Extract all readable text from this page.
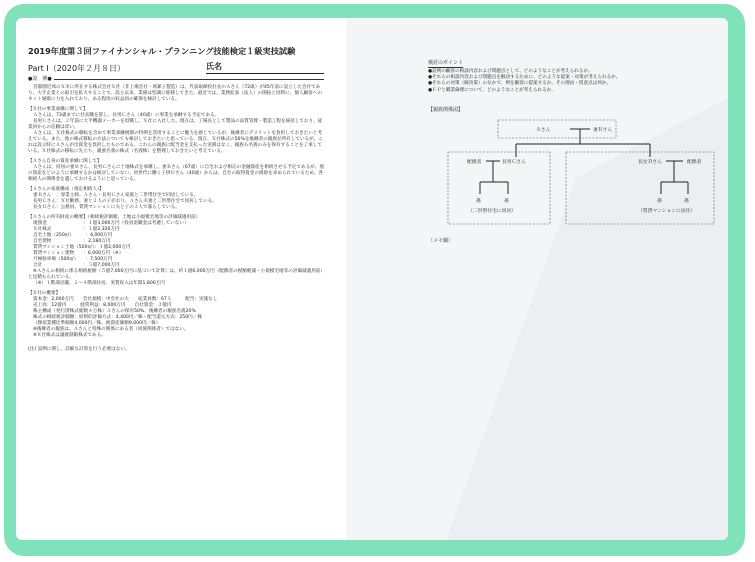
2019年度第３回ファイナンシャル・プランニング技能検定１級実技試験
Part Ⅰ（2020年２月８日）	氏名
●設　例●

首都圏近郊のＸ市に所在する株式会社Ｘ社（非上場会社・席累子製造）は、代表取締役社長のＡさん（72歳）が45年前に設立した会社であり、大手企業との取引を拡大することで、設立以来、業績は堅調に推移してきた。最近では、業務拡張（法人）の開拓と同時に、個人顧客へのネット通販に力を入れており、ある程度の収益員の確保を検討している。

【Ｘ社の事業承継に関して】
Ａさんは、73歳までに社長職を辞し、長男Ｃさん（40歳）に事業を承継する予定である。
長男Ｃさんは、２年前に大手機器メーカーを退職し、Ｘ社に入社した。現在は、工場長として製品の品質管理・製造工程を統括しており、従業員からの信頼は厚い。
Ａさんは、Ｘ社株式の移転を含めて事業承継税制の特例を活用することに魅力を感じているが、後継者にデメリットを負担しておきたいと考えている。また、他の株式移転の方法についても検討しておきたいと思っている。現在、Ｘ社株式の56%を後継者の親族が所有しているが、これは設立時にＡさんが出資金を負担したものである。これらの親族に配当金を支払った実績はなく、親族も名義のみを保有することを了承している。Ｘ社株式の移転に先立ち、親族名義の株式（名義株）を整理しておきたいと考えている。
【Ａさん自身の資産承継に関して】
Ａさんは、同居の妻Ｂさん、長男Ｃさんに土地株式を承継し、妻Ｂさん（67歳）に自宅および相応の金融資産を相続させる予定であるが、他の資産をどのように承継するかは検討していない。同世代に働く子供Ｄさん（40歳）からは、自宅の取得資金の援助を求められているため、各相続人の関係金を遺しておけるようにと思っている。
【Ａさんの家族構成（推定相続人）】
妻Ｂさん　：専業主婦。Ａさん・長男Ｃさん家族と二世帯住宅で同居している。
長男Ｃさん：Ｘ社勤務。妻と２人の子がおり、Ａさん夫妻と二世帯住宅で同居している。
長女Ｄさん：公務員。賃貸マンションに夫と子の３人で暮らしている。
【Ａさんの所有財産の概要】（相続税評価額、土地は小規模宅地等の評価減適用前）
現預金　　　　　　　　：１億3,000万円（役員退職金は考慮していない）
Ｘ社株式　　　　　　　：１億2,320万円
自宅土地（250㎡）　　　：4,000万円
自宅建物　　　　　　　：2,180万円
賃貸マンション土地（500㎡）：１億2,000万円
賃貸マンション建物　　：6,000万円（※）
月極駐車場（500㎡）　　：7,500万円
合計　　　　　　　　　：５億7,000万円
※Ａさんの相続に係る相続税額（５億7,000万円に基づいて計算）は、約１億6,000万円（配偶者の税額軽減・小規模宅地等の評価減適用前）と見積もられている。
（※）１階部店舗、２〜４階部住居、実質収入は年間1,800万円
【Ｘ社の概要】
資本金：2,000万円　　会社規模：中会社の大　　従業員数：67人　　　配当：実施なし
売上高：12億円　　　経常利益：8,000万円　　自社資金：３億円
株主構成（発行済株式総数４万株）Ａさんの保有50%、後継者の親族名義20%
株式の相続税評価額：原則的評価方式：4,400円／株・配当還元方式：250円／株
（類似業種比準価額4,000円／株、純資産価額9,000円／株）
※後継者の親族は、Ａさんと特殊の関係にある者（同族関係者）ではない。
※Ｘ社株式は譲渡制限株式である。
(注) 設例に関し、詳細な計算を行う必要はない。
検討のポイント
●設例の顧客の相談内容および問題点として、どのようなことが考えられるか。
●それらの相談内容および問題点を解決するために、どのような提案・対策が考えられるか。
●それらの対策（解決策）のなかで、例を顧客に提案するか。その理由・留意点は何か。
●ＦＰと職業倫理について、どのようなことが考えられるか。
【親族関係図】
Ａさん	妻Ｂさん
配偶者	長男Ｃさん	長女Ｄさん	配偶者
孫	孫	孫	孫
（二世帯住宅に同居）	（賃貸マンションに居住）
（メモ欄）
